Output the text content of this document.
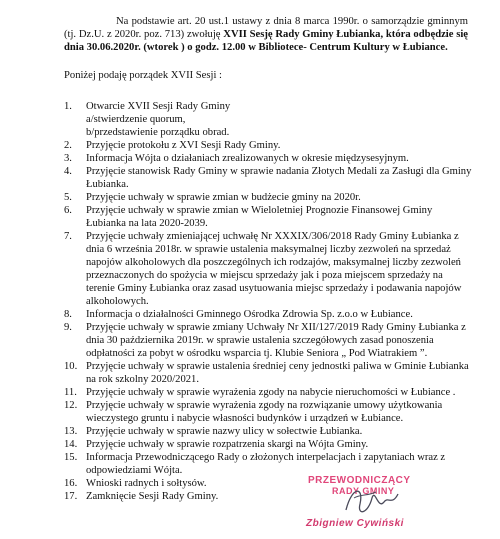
Na podstawie art. 20 ust.1 ustawy z dnia 8 marca 1990r. o samorządzie gminnym (tj. Dz.U. z 2020r. poz. 713) zwołuję XVII Sesję Rady Gminy Łubianka, która odbędzie się dnia 30.06.2020r. (wtorek ) o godz. 12.00 w Bibliotece- Centrum Kultury w Łubiance.
Poniżej podaję porządek XVII Sesji :
1. Otwarcie XVII Sesji Rady Gminy
a/stwierdzenie quorum,
b/przedstawienie porządku obrad.
2. Przyjęcie protokołu z XVI Sesji Rady Gminy.
3. Informacja Wójta o działaniach zrealizowanych w okresie międzysesyjnym.
4. Przyjęcie stanowisk Rady Gminy w sprawie nadania Złotych Medali za Zasługi dla Gminy Łubianka.
5. Przyjęcie uchwały w sprawie zmian w budżecie gminy na 2020r.
6. Przyjęcie uchwały w sprawie zmian w Wieloletniej Prognozie Finansowej Gminy Łubianka na lata 2020-2039.
7. Przyjęcie uchwały zmieniającej uchwałę Nr XXXIX/306/2018 Rady Gminy Łubianka z dnia 6 września 2018r. w sprawie ustalenia maksymalnej liczby zezwoleń na sprzedaż napojów alkoholowych dla poszczególnych ich rodzajów, maksymalnej liczby zezwoleń przeznaczonych do spożycia w miejscu sprzedaży jak i poza miejscem sprzedaży na terenie Gminy Łubianka oraz zasad usytuowania miejsc sprzedaży i podawania napojów alkoholowych.
8. Informacja o działalności Gminnego Ośrodka Zdrowia Sp. z.o.o w Łubiance.
9. Przyjęcie uchwały w sprawie zmiany Uchwały Nr XII/127/2019 Rady Gminy Łubianka z dnia 30 października 2019r. w sprawie ustalenia szczegółowych zasad ponoszenia odpłatności za pobyt w ośrodku wsparcia tj. Klubie Seniora „ Pod Wiatrakiem ”.
10. Przyjęcie uchwały w sprawie ustalenia średniej ceny jednostki paliwa w Gminie Łubianka na rok szkolny 2020/2021.
11. Przyjęcie uchwały w sprawie wyrażenia zgody na nabycie nieruchomości w Łubiance .
12. Przyjęcie uchwały w sprawie wyrażenia zgody na rozwiązanie umowy użytkowania wieczystego gruntu i nabycie własności budynków i urządzeń w Łubiance.
13. Przyjęcie uchwały w sprawie nazwy ulicy w sołectwie Łubianka.
14. Przyjęcie uchwały w sprawie rozpatrzenia skargi na Wójta Gminy.
15. Informacja Przewodniczącego Rady o złożonych interpelacjach i zapytaniach wraz z odpowiedziami Wójta.
16. Wnioski radnych i sołtysów.
17. Zamknięcie Sesji Rady Gminy.
PRZEWODNICZĄCY
RADY GMINY
Zbigniew Cywiński
